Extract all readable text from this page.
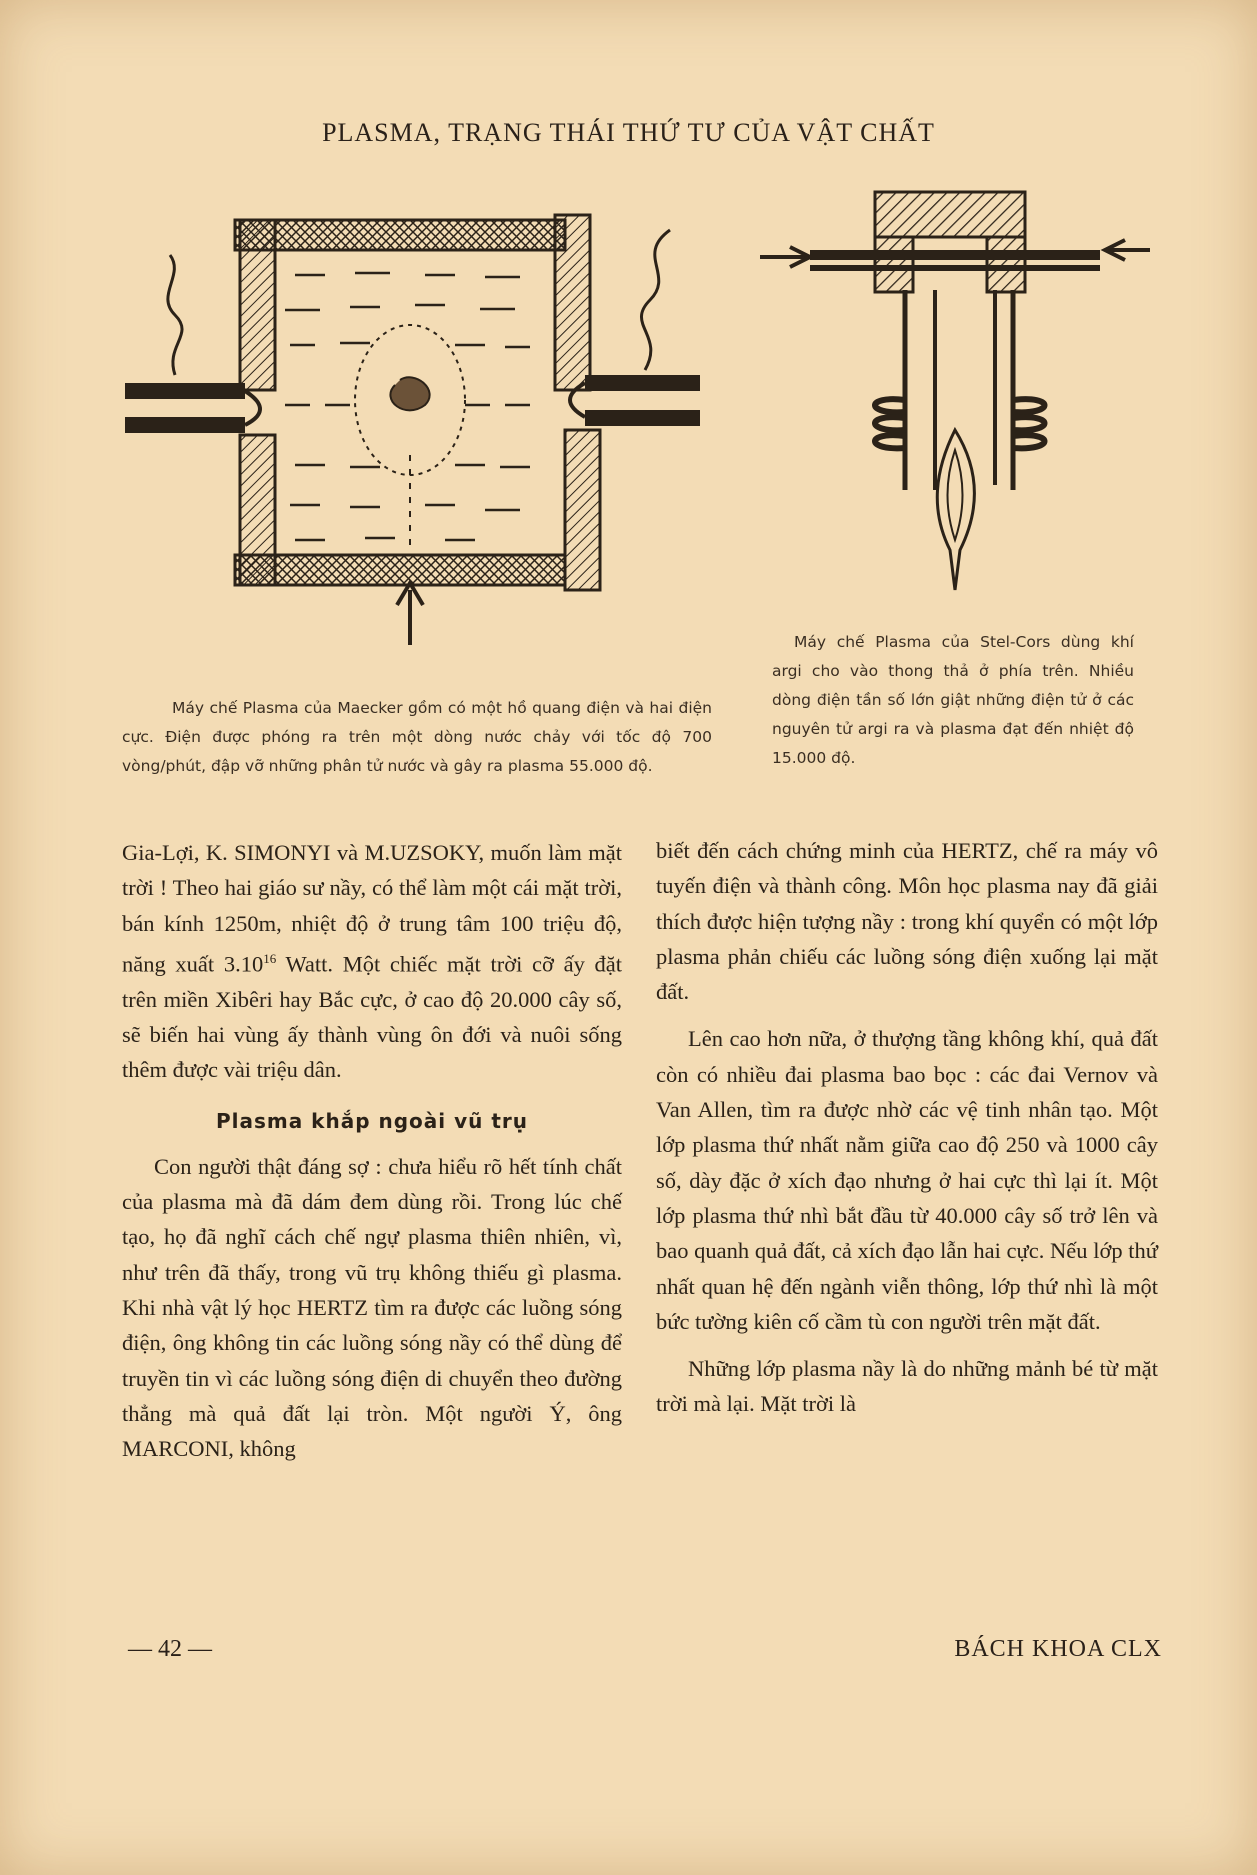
PLASMA, TRẠNG THÁI THỨ TƯ CỦA VẬT CHẤT

Máy chế Plasma của Maecker gồm có một hồ quang điện và hai điện cực. Điện được phóng ra trên một dòng nước chảy với tốc độ 700 vòng/phút, đập vỡ những phân tử nước và gây ra plasma 55.000 độ.

Máy chế Plasma của Stel-Cors dùng khí argi cho vào thong thả ở phía trên. Nhiều dòng điện tần số lớn giật những điện tử ở các nguyên tử argi ra và plasma đạt đến nhiệt độ 15.000 độ.

Gia-Lợi, K. SIMONYI và M.UZSOKY, muốn làm mặt trời ! Theo hai giáo sư nầy, có thể làm một cái mặt trời, bán kính 1250m, nhiệt độ ở trung tâm 100 triệu độ, năng xuất 3.10$^{16}$ Watt. Một chiếc mặt trời cỡ ấy đặt trên miền Xibêri hay Bắc cực, ở cao độ 20.000 cây số, sẽ biến hai vùng ấy thành vùng ôn đới và nuôi sống thêm được vài triệu dân.

Plasma khắp ngoài vũ trụ

Con người thật đáng sợ : chưa hiểu rõ hết tính chất của plasma mà đã dám đem dùng rồi. Trong lúc chế tạo, họ đã nghĩ cách chế ngự plasma thiên nhiên, vì, như trên đã thấy, trong vũ trụ không thiếu gì plasma. Khi nhà vật lý học HERTZ tìm ra được các luồng sóng điện, ông không tin các luồng sóng nầy có thể dùng để truyền tin vì các luồng sóng điện di chuyển theo đường thẳng mà quả đất lại tròn. Một người Ý, ông MARCONI, không

biết đến cách chứng minh của HERTZ, chế ra máy vô tuyến điện và thành công. Môn học plasma nay đã giải thích được hiện tượng nầy : trong khí quyển có một lớp plasma phản chiếu các luồng sóng điện xuống lại mặt đất.

Lên cao hơn nữa, ở thượng tầng không khí, quả đất còn có nhiều đai plasma bao bọc : các đai Vernov và Van Allen, tìm ra được nhờ các vệ tinh nhân tạo. Một lớp plasma thứ nhất nằm giữa cao độ 250 và 1000 cây số, dày đặc ở xích đạo nhưng ở hai cực thì lại ít. Một lớp plasma thứ nhì bắt đầu từ 40.000 cây số trở lên và bao quanh quả đất, cả xích đạo lẫn hai cực. Nếu lớp thứ nhất quan hệ đến ngành viễn thông, lớp thứ nhì là một bức tường kiên cố cầm tù con người trên mặt đất.

Những lớp plasma nầy là do những mảnh bé từ mặt trời mà lại. Mặt trời là

— 42 —	BÁCH KHOA CLX
